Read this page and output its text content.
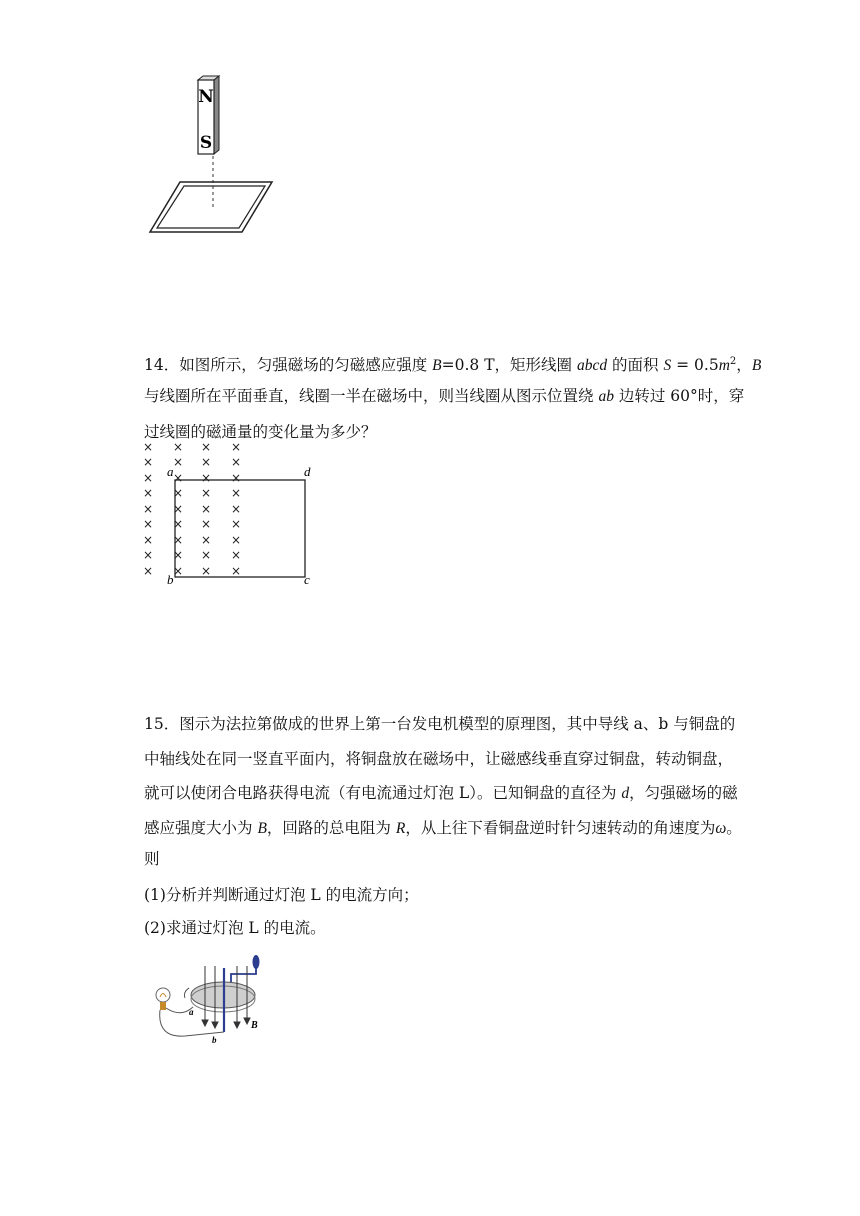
N
S
14．如图所示，匀强磁场的匀磁感应强度 B=0.8 T，矩形线圈 abcd 的面积 $S = 0.5m^2$，B
与线圈所在平面垂直，线圈一半在磁场中，则当线圈从图示位置绕 ab 边转过 60°时，穿
过线圈的磁通量的变化量为多少？
×
×
×
×
×
×
×
×
×
×
×
×
×
×
×
×
×
×
×
×
×
×
×
×
×
×
×
×
×
×
×
×
×
×
×
×
a	d
b	c
15．图示为法拉第做成的世界上第一台发电机模型的原理图，其中导线 a、b 与铜盘的
中轴线处在同一竖直平面内，将铜盘放在磁场中，让磁感线垂直穿过铜盘，转动铜盘，
就可以使闭合电路获得电流（有电流通过灯泡 L）。已知铜盘的直径为 d，匀强磁场的磁
感应强度大小为 B，回路的总电阻为 R，从上往下看铜盘逆时针匀速转动的角速度为ω。
则
(1)分析并判断通过灯泡 L 的电流方向；
(2)求通过灯泡 L 的电流。
B
a
b
